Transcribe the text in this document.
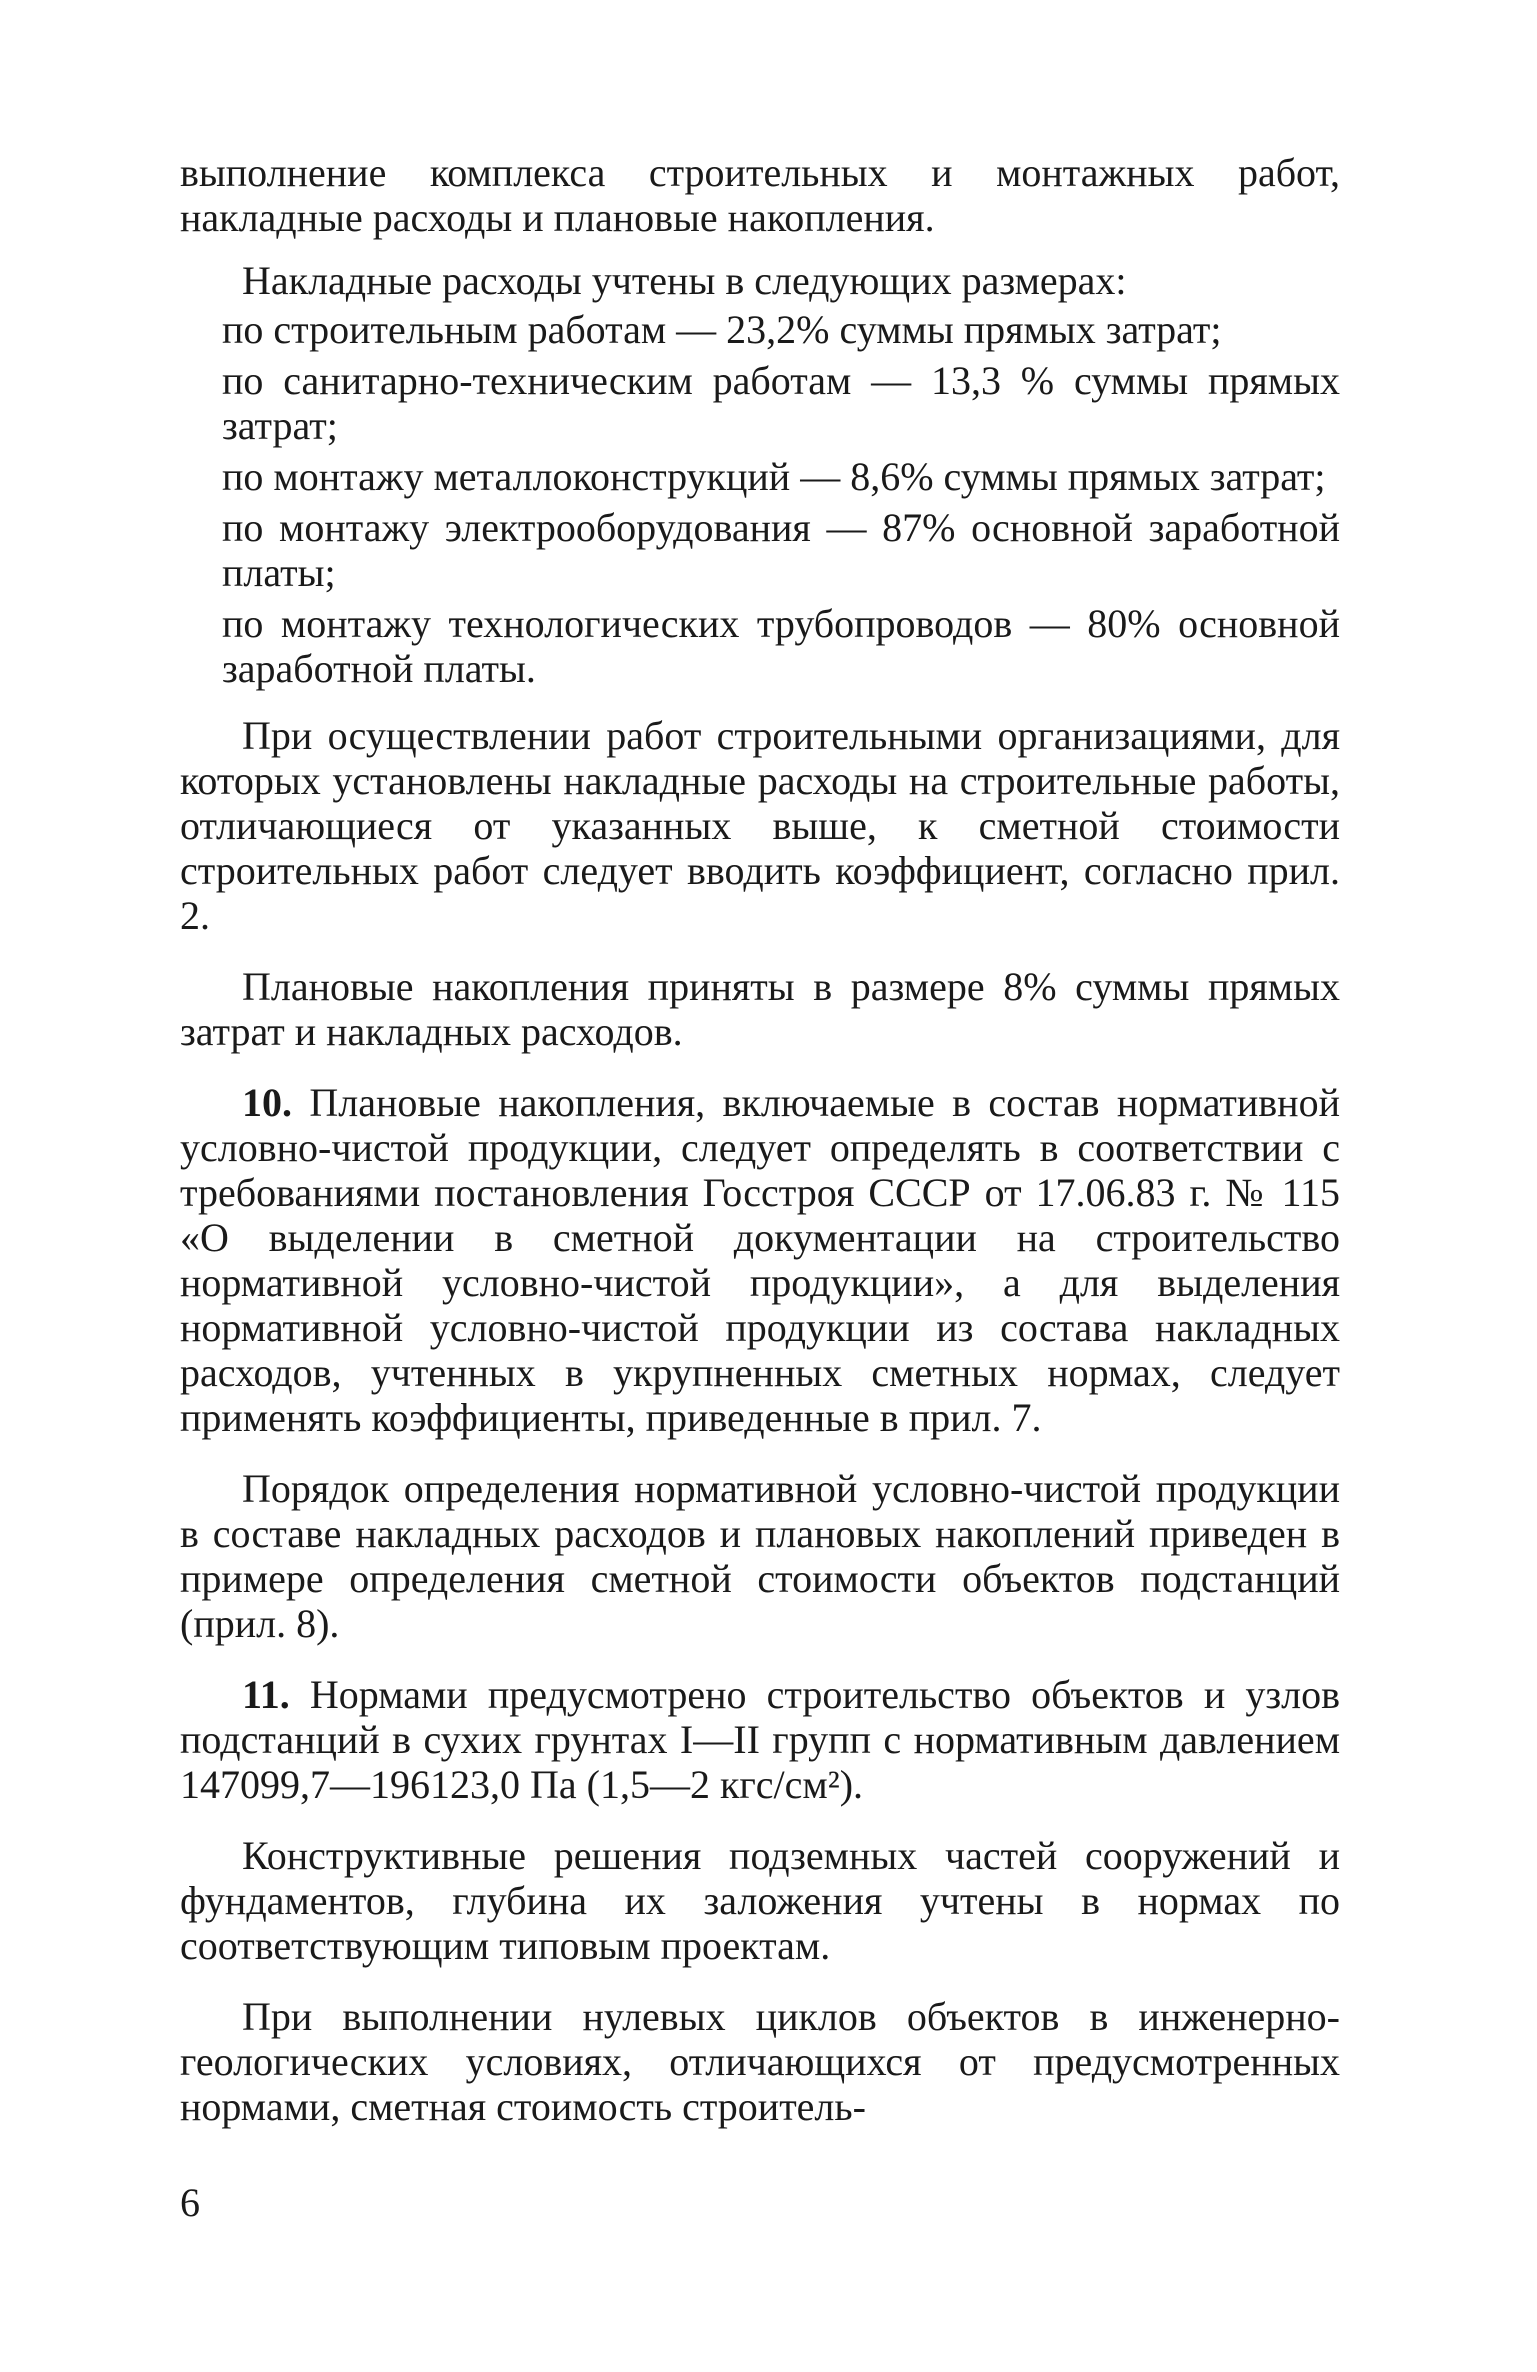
выполнение комплекса строительных и монтажных работ, накладные расходы и плановые накопления.

Накладные расходы учтены в следующих размерах:

по строительным работам — 23,2% суммы прямых затрат;

по санитарно-техническим работам — 13,3 % суммы прямых затрат;

по монтажу металлоконструкций — 8,6% суммы прямых затрат;

по монтажу электрооборудования — 87% основной заработной платы;

по монтажу технологических трубопроводов — 80% основной заработной платы.

При осуществлении работ строительными организациями, для которых установлены накладные расходы на строительные работы, отличающиеся от указанных выше, к сметной стоимости строительных работ следует вводить коэффициент, согласно прил. 2.

Плановые накопления приняты в размере 8% суммы прямых затрат и накладных расходов.

10. Плановые накопления, включаемые в состав нормативной условно-чистой продукции, следует определять в соответствии с требованиями постановления Госстроя СССР от 17.06.83 г. № 115 «О выделении в сметной документации на строительство нормативной условно-чистой продукции», а для выделения нормативной условно-чистой продукции из состава накладных расходов, учтенных в укрупненных сметных нормах, следует применять коэффициенты, приведенные в прил. 7.

Порядок определения нормативной условно-чистой продукции в составе накладных расходов и плановых накоплений приведен в примере определения сметной стоимости объектов подстанций (прил. 8).

11. Нормами предусмотрено строительство объектов и узлов подстанций в сухих грунтах I—II групп с нормативным давлением 147099,7—196123,0 Па (1,5—2 кгс/см²).

Конструктивные решения подземных частей сооружений и фундаментов, глубина их заложения учтены в нормах по соответствующим типовым проектам.

При выполнении нулевых циклов объектов в инженерно-геологических условиях, отличающихся от предусмотренных нормами, сметная стоимость строитель-

6
